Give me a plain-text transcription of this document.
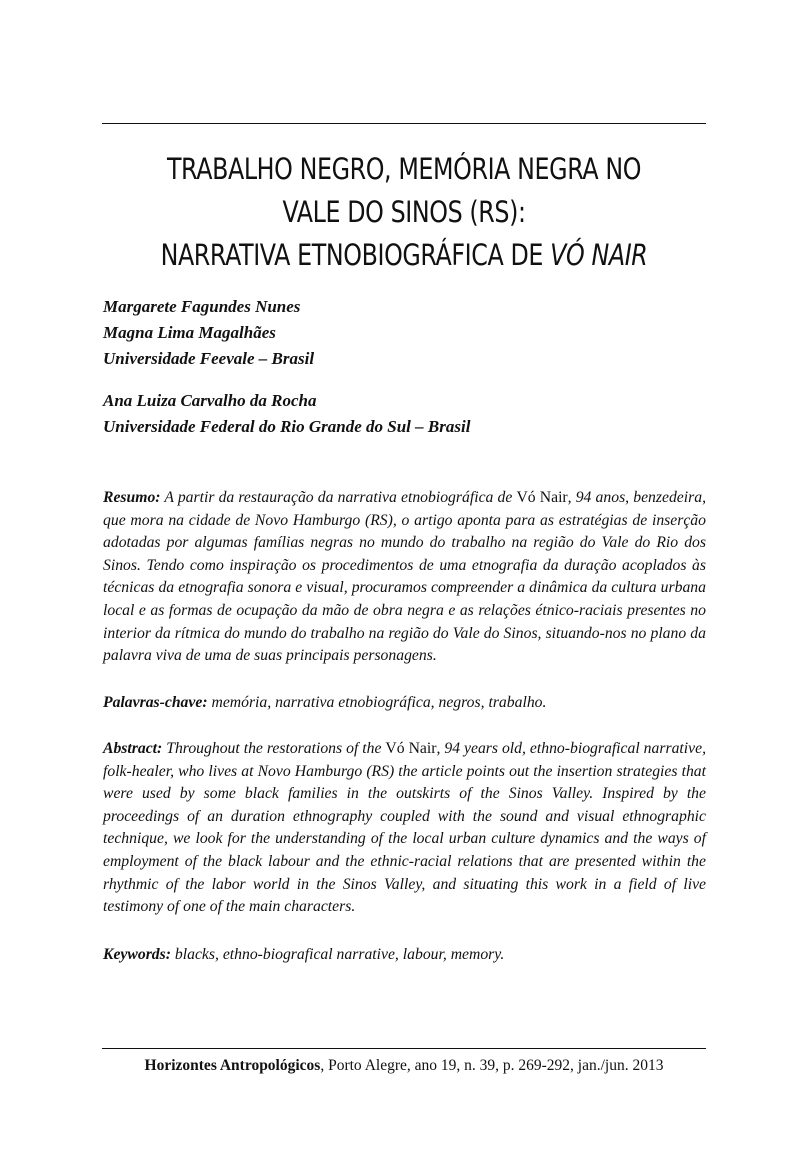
TRABALHO NEGRO, MEMÓRIA NEGRA NO VALE DO SINOS (RS):
NARRATIVA ETNOBIOGRÁFICA DE VÓ NAIR
Margarete Fagundes Nunes
Magna Lima Magalhães
Universidade Feevale – Brasil
Ana Luiza Carvalho da Rocha
Universidade Federal do Rio Grande do Sul – Brasil
Resumo: A partir da restauração da narrativa etnobiográfica de Vó Nair, 94 anos, benzedeira, que mora na cidade de Novo Hamburgo (RS), o artigo aponta para as estratégias de inserção adotadas por algumas famílias negras no mundo do trabalho na região do Vale do Rio dos Sinos. Tendo como inspiração os procedimentos de uma etnografia da duração acoplados às técnicas da etnografia sonora e visual, procuramos compreender a dinâmica da cultura urbana local e as formas de ocupação da mão de obra negra e as relações étnico-raciais presentes no interior da rítmica do mundo do trabalho na região do Vale do Sinos, situando-nos no plano da palavra viva de uma de suas principais personagens.
Palavras-chave: memória, narrativa etnobiográfica, negros, trabalho.
Abstract: Throughout the restorations of the Vó Nair, 94 years old, ethno-biografical narrative, folk-healer, who lives at Novo Hamburgo (RS) the article points out the insertion strategies that were used by some black families in the outskirts of the Sinos Valley. Inspired by the proceedings of an duration ethnography coupled with the sound and visual ethnographic technique, we look for the understanding of the local urban culture dynamics and the ways of employment of the black labour and the ethnic-racial relations that are presented within the rhythmic of the labor world in the Sinos Valley, and situating this work in a field of live testimony of one of the main characters.
Keywords: blacks, ethno-biografical narrative, labour, memory.
Horizontes Antropológicos, Porto Alegre, ano 19, n. 39, p. 269-292, jan./jun. 2013
